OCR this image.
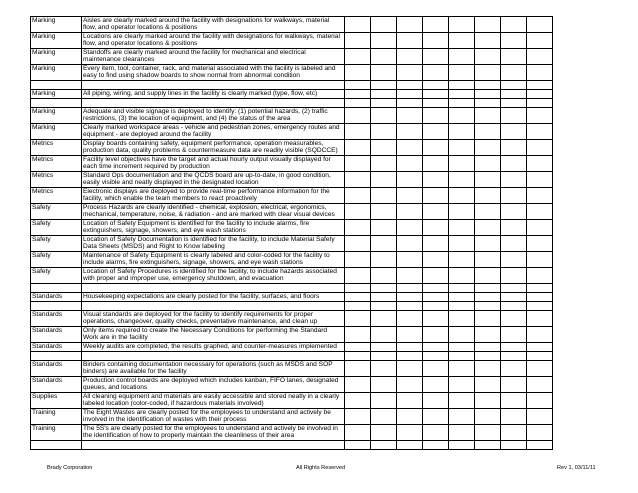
Marking	Aisles are clearly marked around the facility with designations for walkways, material flow, and operator locations & positions								
Marking	Locations are clearly marked around the facility with designations for walkways, material flow, and operator locations & positions								
Marking	Standoffs are clearly marked around the facility for mechanical and electrical maintenance clearances								
Marking	Every item, tool, container, rack, and material associated with the facility is labeled and easy to find using shadow boards to show normal from abnormal condition								

Marking	All piping, wiring, and supply lines in the facility is clearly marked (type, flow, etc)								

Marking	Adequate and visible signage is deployed to identify: (1) potential hazards, (2) traffic restrictions, (3) the location of equipment, and (4) the status of the area								
Marking	Clearly marked workspace areas - vehicle and pedestrian zones, emergency routes and equipment - are deployed around the facility								
Metrics	Display boards containing safety, equipment performance, operation measurables, production data, quality problems & countermeasure data are readily visible (SQDCCE)								
Metrics	Facility level objectives have the target and actual hourly output visually displayed for each time increment required by production								
Metrics	Standard Ops documentation and the QCDS board are up-to-date, in good condition, easily visible and neatly displayed in the designated location								
Metrics	Electronic displays are deployed to provide real-time performance information for the facility, which enable the team members to react proactively								
Safety	Process Hazards are clearly identified - chemical, explosion, electrical, ergonomics, mechanical, temperature, noise, & radiation - and are marked with clear visual devices								
Safety	Location of Safety Equipment is identified for the facility to include alarms, fire extinguishers, signage, showers, and eye wash stations								
Safety	Location of Safety Documentation is identified for the facility, to include Material Safety Data Sheets (MSDS) and Right to Know labeling								
Safety	Maintenance of Safety Equipment is clearly labeled and color-coded for the facility to include alarms, fire extinguishers, signage, showers, and eye wash stations								
Safety	Location of Safety Procedures is identified for the facility, to include hazards associated with proper and improper use, emergency shutdown, and evacuation								

Standards	Housekeeping expectations are clearly posted for the facility, surfaces, and floors								

Standards	Visual standards are deployed for the facility to identify requirements for proper operations, changeover, quality checks, preventative maintenance, and clean up								
Standards	Only items required to create the Necessary Conditions for performing the Standard Work are in the facility								
Standards	Weekly audits are completed, the results graphed, and counter-measures implemented								

Standards	Binders containing documentation necessary for operations (such as MSDS and SOP binders) are available for the facility								
Standards	Production control boards are deployed which includes kanban, FIFO lanes, designated queues, and locations								
Supplies	All cleaning equipment and materials are easily accessible and stored neatly in a clearly labeled location (color-coded, if hazardous materials involved)								
Training	The Eight Wastes are clearly posted for the employees to understand and actively be involved in the identification of wastes with their process								
Training	The 5S's are clearly posted for the employees to understand and actively be involved in the identification of how to properly maintain the cleanliness of their area								

Brady Corporation	All Rights Reserved	Rev 1, 03/11/11
